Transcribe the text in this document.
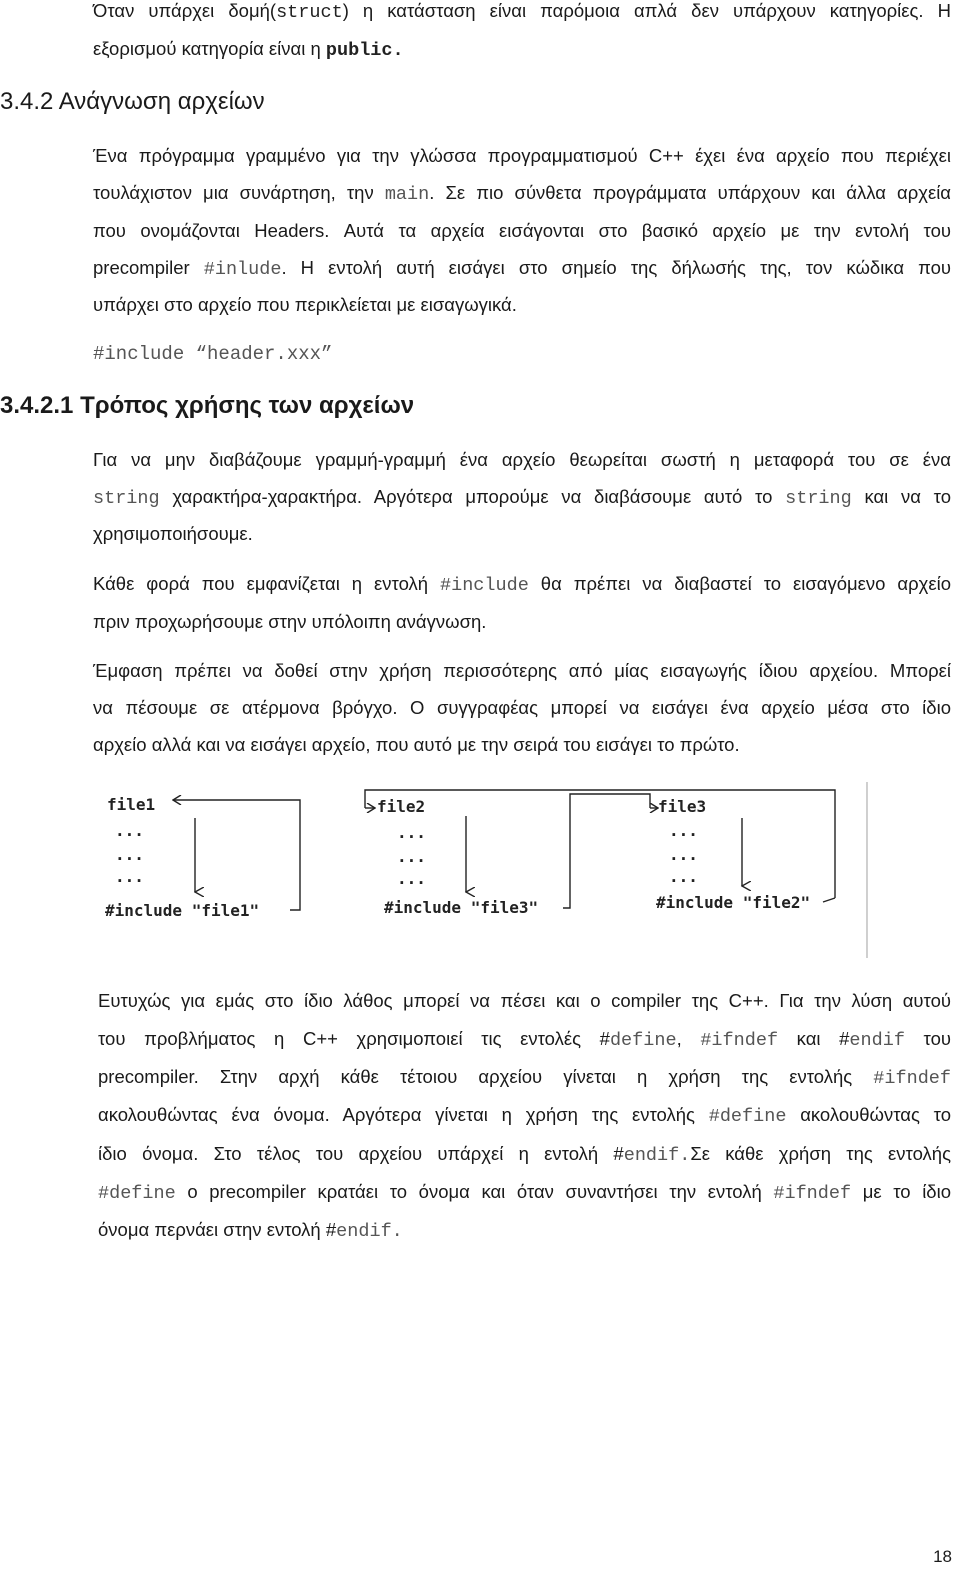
Όταν υπάρχει δομή(struct) η κατάσταση είναι παρόμοια απλά δεν υπάρχουν κατηγορίες. Η
εξορισμού κατηγορία είναι η public.
3.4.2 Ανάγνωση αρχείων
Ένα πρόγραμμα γραμμένο για την γλώσσα προγραμματισμού C++ έχει ένα αρχείο που περιέχει
τουλάχιστον μια συνάρτηση, την main. Σε πιο σύνθετα προγράμματα υπάρχουν και άλλα αρχεία
που ονομάζονται Headers. Αυτά τα αρχεία εισάγονται στο βασικό αρχείο με την εντολή του
precompiler #inlude. Η εντολή αυτή εισάγει στο σημείο της δήλωσής της, τον κώδικα που
υπάρχει στο αρχείο που περικλείεται με εισαγωγικά.
#include “header.xxx”
3.4.2.1 Τρόπος χρήσης των αρχείων
Για να μην διαβάζουμε γραμμή-γραμμή ένα αρχείο θεωρείται σωστή η μεταφορά του σε ένα
string χαρακτήρα-χαρακτήρα. Αργότερα μπορούμε να διαβάσουμε αυτό το string και να το
χρησιμοποιήσουμε.
Κάθε φορά που εμφανίζεται η εντολή #include θα πρέπει να διαβαστεί το εισαγόμενο αρχείο
πριν προχωρήσουμε στην υπόλοιπη ανάγνωση.
Έμφαση πρέπει να δοθεί στην χρήση περισσότερης από μίας εισαγωγής ίδιου αρχείου. Μπορεί
να πέσουμε σε ατέρμονα βρόγχο. Ο συγγραφέας μπορεί να εισάγει ένα αρχείο μέσα στο ίδιο
αρχείο αλλά και να εισάγει αρχείο, που αυτό με την σειρά του εισάγει το πρώτο.
file1
...
...
...
#include "file1"
file2
...
...
...
#include "file3"
file3
...
...
...
#include "file2"
Ευτυχώς για εμάς στο ίδιο λάθος μπορεί να πέσει και ο compiler της C++. Για την λύση αυτού
του προβλήματος η C++ χρησιμοποιεί τις εντολές #define, #ifndef και #endif του
precompiler. Στην αρχή κάθε τέτοιου αρχείου γίνεται η χρήση της εντολής #ifndef
ακολουθώντας ένα όνομα. Αργότερα γίνεται η χρήση της εντολής #define ακολουθώντας το
ίδιο όνομα. Στο τέλος του αρχείου υπάρχεί η εντολή #endif.Σε κάθε χρήση της εντολής
#define ο precompiler κρατάει το όνομα και όταν συναντήσει την εντολή #ifndef με το ίδιο
όνομα περνάει στην εντολή #endif.
18
